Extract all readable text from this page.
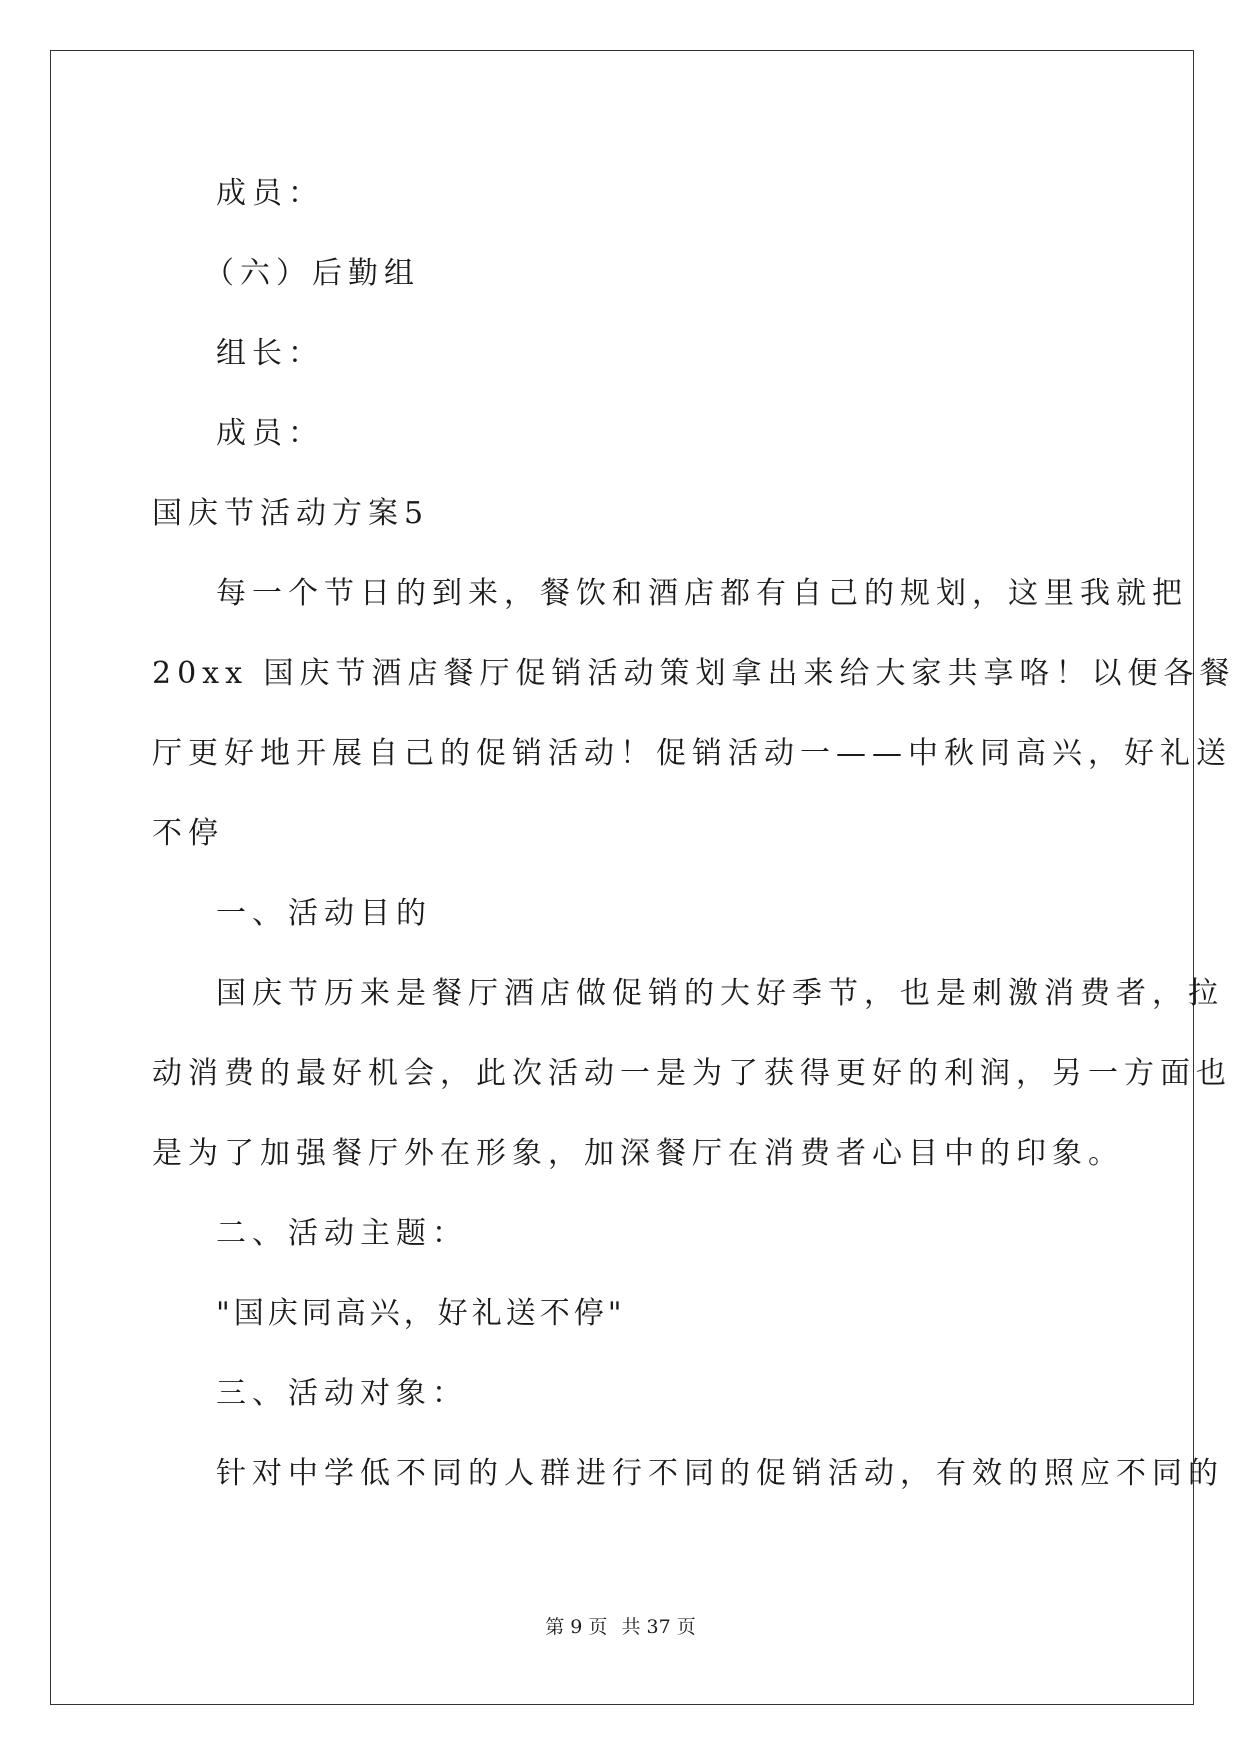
成员：
（六）后勤组
组长：
成员：
国庆节活动方案5
每一个节日的到来，餐饮和酒店都有自己的规划，这里我就把
20xx 国庆节酒店餐厅促销活动策划拿出来给大家共享咯！以便各餐
厅更好地开展自己的促销活动！促销活动一——中秋同高兴，好礼送
不停
一、活动目的
国庆节历来是餐厅酒店做促销的大好季节，也是刺激消费者，拉
动消费的最好机会，此次活动一是为了获得更好的利润，另一方面也
是为了加强餐厅外在形象，加深餐厅在消费者心目中的印象。
二、活动主题：
"国庆同高兴，好礼送不停"
三、活动对象：
针对中学低不同的人群进行不同的促销活动，有效的照应不同的
第 9 页 共 37 页
